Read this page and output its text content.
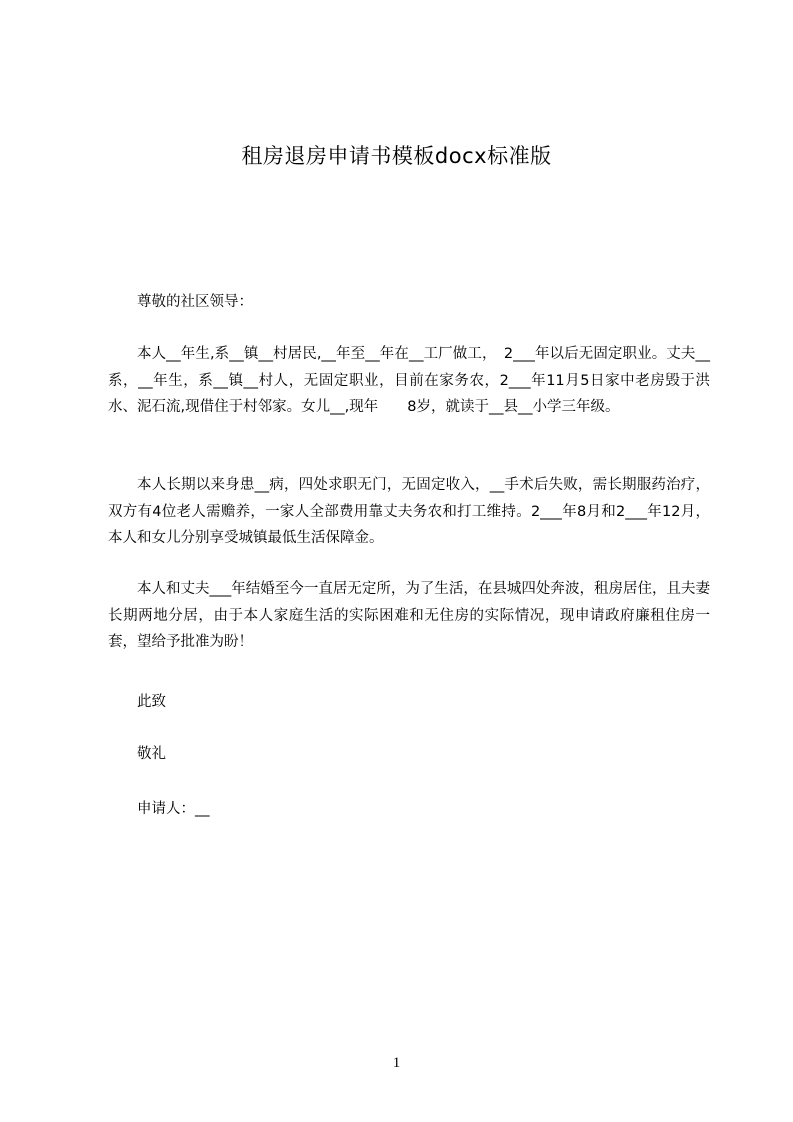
租房退房申请书模板docx标准版
尊敬的社区领导：

本人__年生,系__镇__村居民,__年至__年在__工厂做工，　2___年以后无固定职业。丈夫__系，__年生，系__镇__村人，无固定职业，目前在家务农，2___年11月5日家中老房毁于洪水、泥石流,现借住于村邻家。女儿__,现年　　8岁，就读于__县__小学三年级。

本人长期以来身患__病，四处求职无门，无固定收入，__手术后失败，需长期服药治疗，双方有4位老人需赡养，一家人全部费用靠丈夫务农和打工维持。2___年8月和2___年12月，本人和女儿分别享受城镇最低生活保障金。

本人和丈夫___年结婚至今一直居无定所，为了生活，在县城四处奔波，租房居住，且夫妻长期两地分居，由于本人家庭生活的实际困难和无住房的实际情况，现申请政府廉租住房一套，望给予批准为盼！

此致
敬礼
申请人：__
1
